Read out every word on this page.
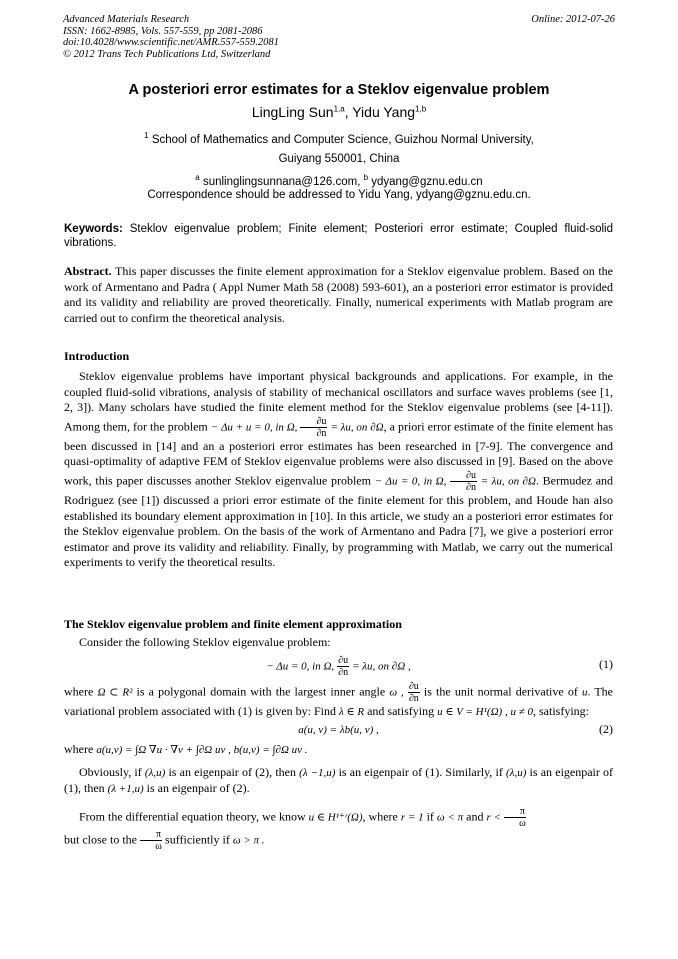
Advanced Materials Research
ISSN: 1662-8985, Vols. 557-559, pp 2081-2086
doi:10.4028/www.scientific.net/AMR.557-559.2081
© 2012 Trans Tech Publications Ltd, Switzerland
Online: 2012-07-26
A posteriori error estimates for a Steklov eigenvalue problem
LingLing Sun$^{1,a}$, Yidu Yang$^{1,b}$
$^1$ School of Mathematics and Computer Science, Guizhou Normal University,
Guiyang 550001, China
$^a$ sunlinglingsunnana@126.com, $^b$ ydyang@gznu.edu.cn
Correspondence should be addressed to Yidu Yang, ydyang@gznu.edu.cn.
Keywords: Steklov eigenvalue problem; Finite element; Posteriori error estimate; Coupled fluid-solid vibrations.
Abstract. This paper discusses the finite element approximation for a Steklov eigenvalue problem. Based on the work of Armentano and Padra ( Appl Numer Math 58 (2008) 593-601), an a posteriori error estimator is provided and its validity and reliability are proved theoretically. Finally, numerical experiments with Matlab program are carried out to confirm the theoretical analysis.
Introduction
Steklov eigenvalue problems have important physical backgrounds and applications. For example, in the coupled fluid-solid vibrations, analysis of stability of mechanical oscillators and surface waves problems (see [1, 2, 3]). Many scholars have studied the finite element method for the Steklov eigenvalue problems (see [4-11]). Among them, for the problem − Δu + u = 0, in Ω, $\frac{\partial u}{\partial n} = \lambda u$, on ∂Ω, a priori error estimate of the finite element has been discussed in [14] and an a posteriori error estimates has been researched in [7-9]. The convergence and quasi-optimality of adaptive FEM of Steklov eigenvalue problems were also discussed in [9]. Based on the above work, this paper discusses another Steklov eigenvalue problem − Δu = 0, in Ω, $\frac{\partial u}{\partial n} = \lambda u$, on ∂Ω. Bermudez and Rodriguez (see [1]) discussed a priori error estimate of the finite element for this problem, and Houde han also established its boundary element approximation in [10]. In this article, we study an a posteriori error estimates for the Steklov eigenvalue problem. On the basis of the work of Armentano and Padra [7], we give a posteriori error estimator and prove its validity and reliability. Finally, by programming with Matlab, we carry out the numerical experiments to verify the theoretical results.
The Steklov eigenvalue problem and finite element approximation

Consider the following Steklov eigenvalue problem:

− Δu = 0, in Ω, $\frac{\partial u}{\partial n} = \lambda u$, on ∂Ω ,	(1)

where Ω ⊂ R² is a polygonal domain with the largest inner angle ω , $\frac{\partial u}{\partial n}$ is the unit normal derivative of u. The variational problem associated with (1) is given by: Find λ ∈ R and satisfying u ∈ V = H¹(Ω) , u ≠ 0, satisfying:

a(u, v) = λb(u, v) ,	(2)

where a(u,v) = ∫Ω ∇u · ∇v + ∫∂Ω uv , b(u,v) = ∫∂Ω uv .

Obviously, if (λ,u) is an eigenpair of (2), then (λ −1,u) is an eigenpair of (1). Similarly, if (λ,u) is an eigenpair of (1), then (λ +1,u) is an eigenpair of (2).

From the differential equation theory, we know u ∈ H¹⁺ʳ(Ω), where r = 1 if ω < π and $r < \frac{\pi}{\omega}$

but close to the $\frac{\pi}{\omega}$ sufficiently if ω > π .
